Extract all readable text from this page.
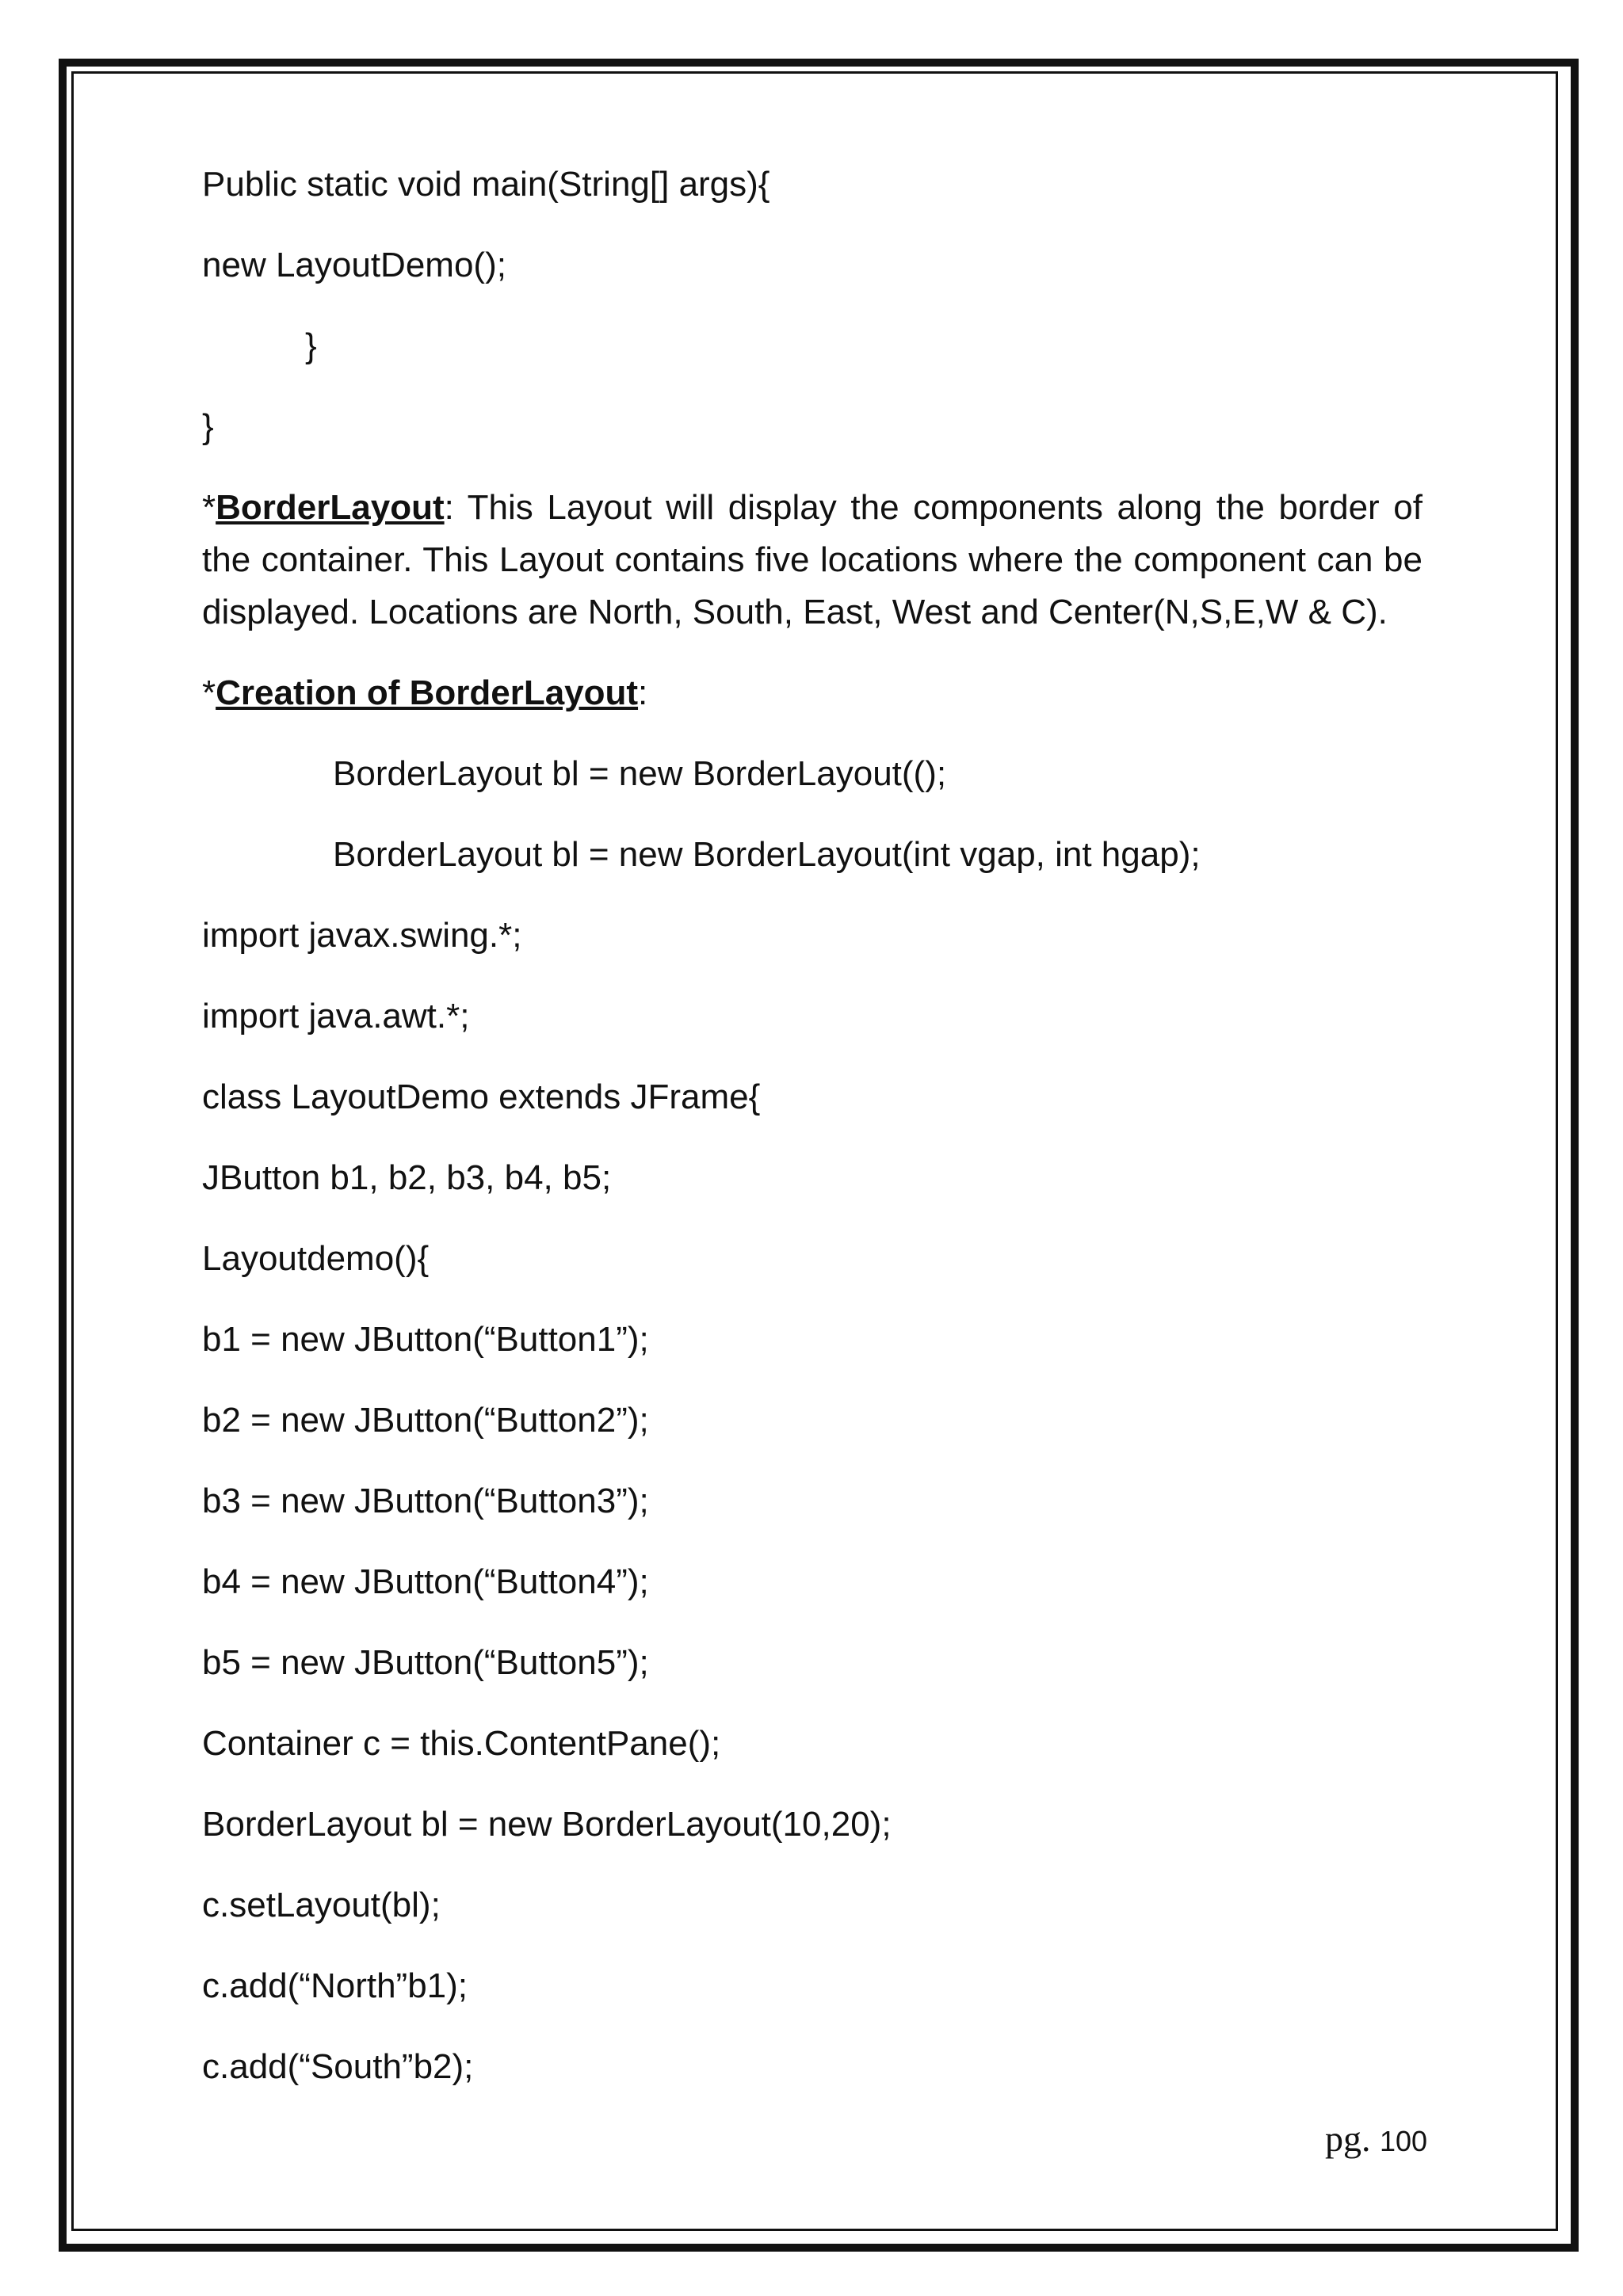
Public static void main(String[] args){
new LayoutDemo();
}
}
*BorderLayout: This Layout will display the components along the border of the container. This Layout contains five locations where the component can be displayed. Locations are North, South, East, West and Center(N,S,E,W & C).
*Creation of BorderLayout:
BorderLayout bl = new BorderLayout(();
BorderLayout bl = new BorderLayout(int vgap, int hgap);
import javax.swing.*;
import java.awt.*;
class LayoutDemo extends JFrame{
JButton b1, b2, b3, b4, b5;
Layoutdemo(){
b1 = new JButton(“Button1”);
b2 = new JButton(“Button2”);
b3 = new JButton(“Button3”);
b4 = new JButton(“Button4”);
b5 = new JButton(“Button5”);
Container c = this.ContentPane();
BorderLayout bl = new BorderLayout(10,20);
c.setLayout(bl);
c.add(“North”b1);
c.add(“South”b2);
pg. 100
